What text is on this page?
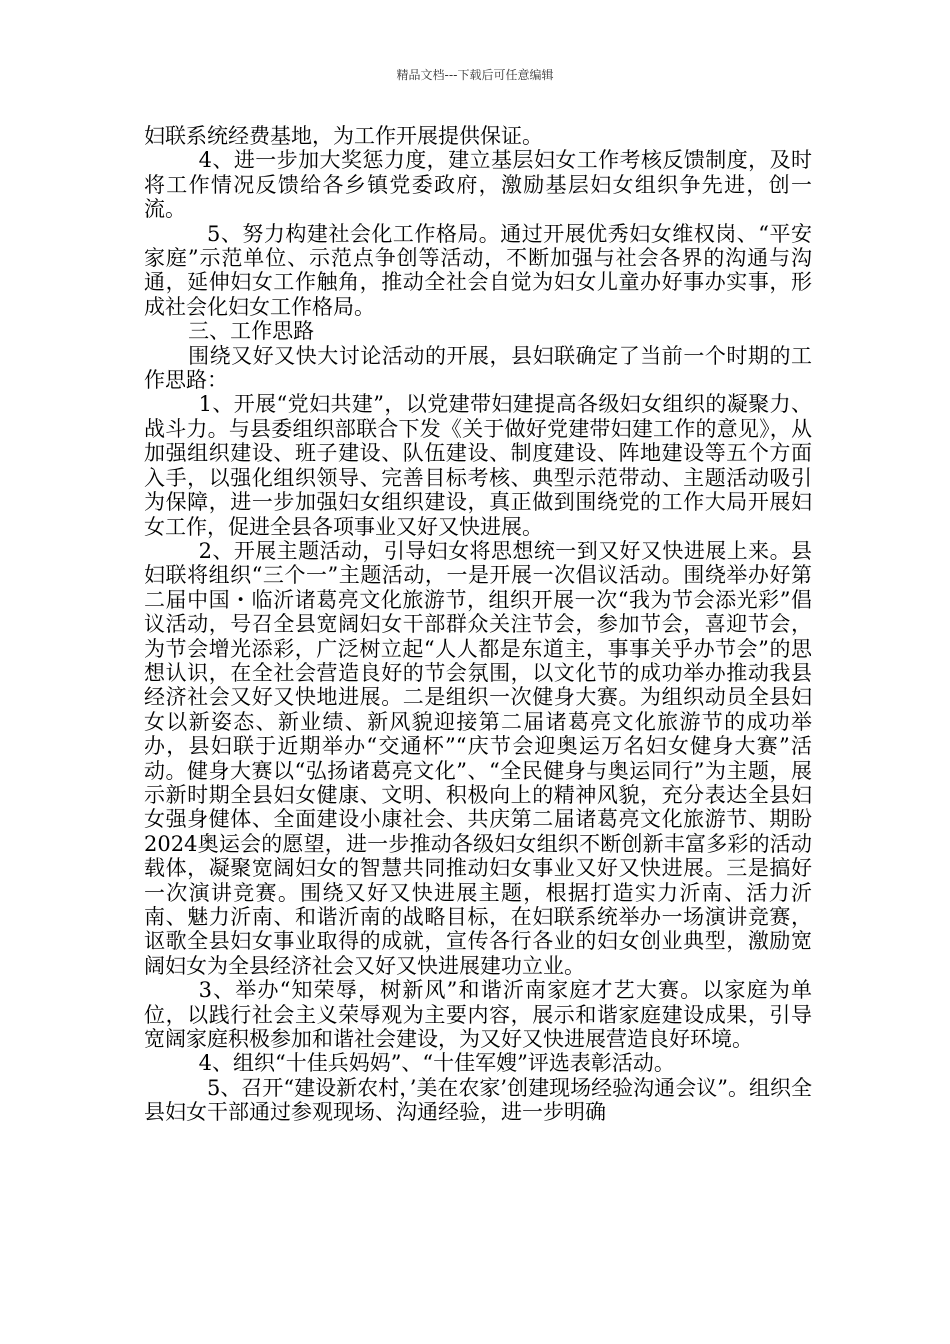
精品文档---下载后可任意编辑

妇联系统经费基地，为工作开展提供保证。

4、进一步加大奖惩力度，建立基层妇女工作考核反馈制度，及时将工作情况反馈给各乡镇党委政府，激励基层妇女组织争先进，创一流。

5、努力构建社会化工作格局。通过开展优秀妇女维权岗、“平安家庭”示范单位、示范点争创等活动，不断加强与社会各界的沟通与沟通，延伸妇女工作触角，推动全社会自觉为妇女儿童办好事办实事，形成社会化妇女工作格局。

三、工作思路

围绕又好又快大讨论活动的开展，县妇联确定了当前一个时期的工作思路：

1、开展“党妇共建”，以党建带妇建提高各级妇女组织的凝聚力、战斗力。与县委组织部联合下发《关于做好党建带妇建工作的意见》，从加强组织建设、班子建设、队伍建设、制度建设、阵地建设等五个方面入手，以强化组织领导、完善目标考核、典型示范带动、主题活动吸引为保障，进一步加强妇女组织建设，真正做到围绕党的工作大局开展妇女工作，促进全县各项事业又好又快进展。

2、开展主题活动，引导妇女将思想统一到又好又快进展上来。县妇联将组织“三个一”主题活动，一是开展一次倡议活动。围绕举办好第二届中国・临沂诸葛亮文化旅游节，组织开展一次“我为节会添光彩”倡议活动，号召全县宽阔妇女干部群众关注节会，参加节会，喜迎节会，为节会增光添彩，广泛树立起“人人都是东道主，事事关乎办节会”的思想认识，在全社会营造良好的节会氛围，以文化节的成功举办推动我县经济社会又好又快地进展。二是组织一次健身大赛。为组织动员全县妇女以新姿态、新业绩、新风貌迎接第二届诸葛亮文化旅游节的成功举办，县妇联于近期举办“交通杯”“庆节会迎奥运万名妇女健身大赛”活动。健身大赛以“弘扬诸葛亮文化”、“全民健身与奥运同行”为主题，展示新时期全县妇女健康、文明、积极向上的精神风貌，充分表达全县妇女强身健体、全面建设小康社会、共庆第二届诸葛亮文化旅游节、期盼2024奥运会的愿望，进一步推动各级妇女组织不断创新丰富多彩的活动载体，凝聚宽阔妇女的智慧共同推动妇女事业又好又快进展。三是搞好一次演讲竞赛。围绕又好又快进展主题，根据打造实力沂南、活力沂南、魅力沂南、和谐沂南的战略目标，在妇联系统举办一场演讲竞赛，讴歌全县妇女事业取得的成就，宣传各行各业的妇女创业典型，激励宽阔妇女为全县经济社会又好又快进展建功立业。

3、举办“知荣辱，树新风”和谐沂南家庭才艺大赛。以家庭为单位，以践行社会主义荣辱观为主要内容，展示和谐家庭建设成果，引导宽阔家庭积极参加和谐社会建设，为又好又快进展营造良好环境。

4、组织“十佳兵妈妈”、“十佳军嫂”评选表彰活动。

5、召开“建设新农村，’美在农家’创建现场经验沟通会议”。组织全县妇女干部通过参观现场、沟通经验，进一步明确
